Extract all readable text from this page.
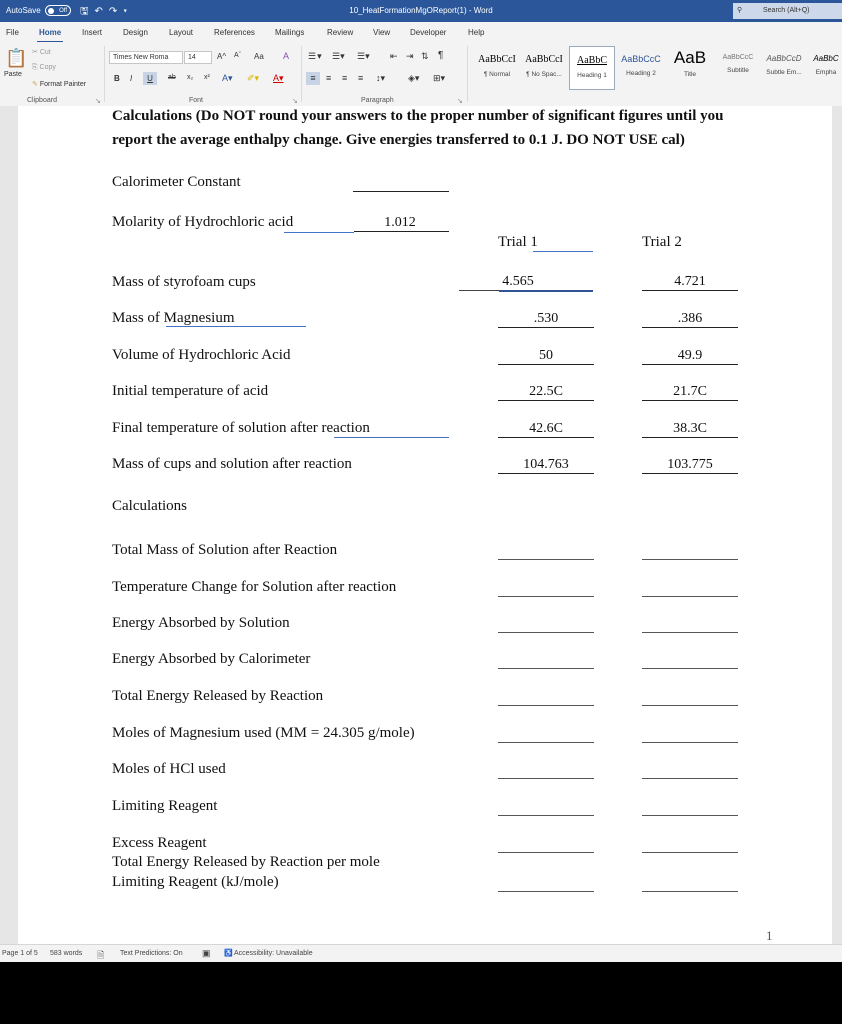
AutoSave	Off	🖫↶↷▾	10_HeatFormationMgOReport(1) - Word	⚲	Search (Alt+Q)
File	Home	Insert	Design	Layout	References	Mailings	Review View Developer	Help
📋
Paste
✂ Cut
⎘ Copy
✎ Format Painter
Clipboard	↘
Times New Roma	14	A^ Aˇ Aa A
B I	U	ab x₂ x² A▾ ✐▾ A▾
Font	↘
☰▾ ☰▾ ☰▾ ⇤ ⇥ ⇅ ¶
≡	≡ ≡ ≡ ↕▾	◈▾ ⊞▾
Paragraph	↘
AaBbCcI
¶ Normal
AaBbCcI
¶ No Spac...
AaBbC
Heading 1
AaBbCcC
Heading 2
AaB
Title
AaBbCcC
Subtitle
AaBbCcD
Subtle Em...
AaBbC
Empha
Calculations (Do NOT round your answers to the proper number of significant figures until you
report the average enthalpy change. Give energies transferred to 0.1 J. DO NOT USE cal)
Calorimeter Constant
Molarity of Hydrochloric acid	1.012
Trial 1	Trial 2
Mass of styrofoam cups	4.565	4.721
Mass of Magnesium	.530	.386
Volume of Hydrochloric Acid	50	49.9
Initial temperature of acid	22.5C	21.7C
Final temperature of solution after reaction	42.6C	38.3C
Mass of cups and solution after reaction	104.763	103.775
Calculations
Total Mass of Solution after Reaction
Temperature Change for Solution after reaction
Energy Absorbed by Solution
Energy Absorbed by Calorimeter
Total Energy Released by Reaction
Moles of Magnesium used (MM = 24.305 g/mole)
Moles of HCl used
Limiting Reagent
Excess Reagent
Total Energy Released by Reaction per mole
Limiting Reagent (kJ/mole)
1
Page 1 of 5 583 words 🗎 Text Predictions: On ▣ ♿ Accessibility: Unavailable
